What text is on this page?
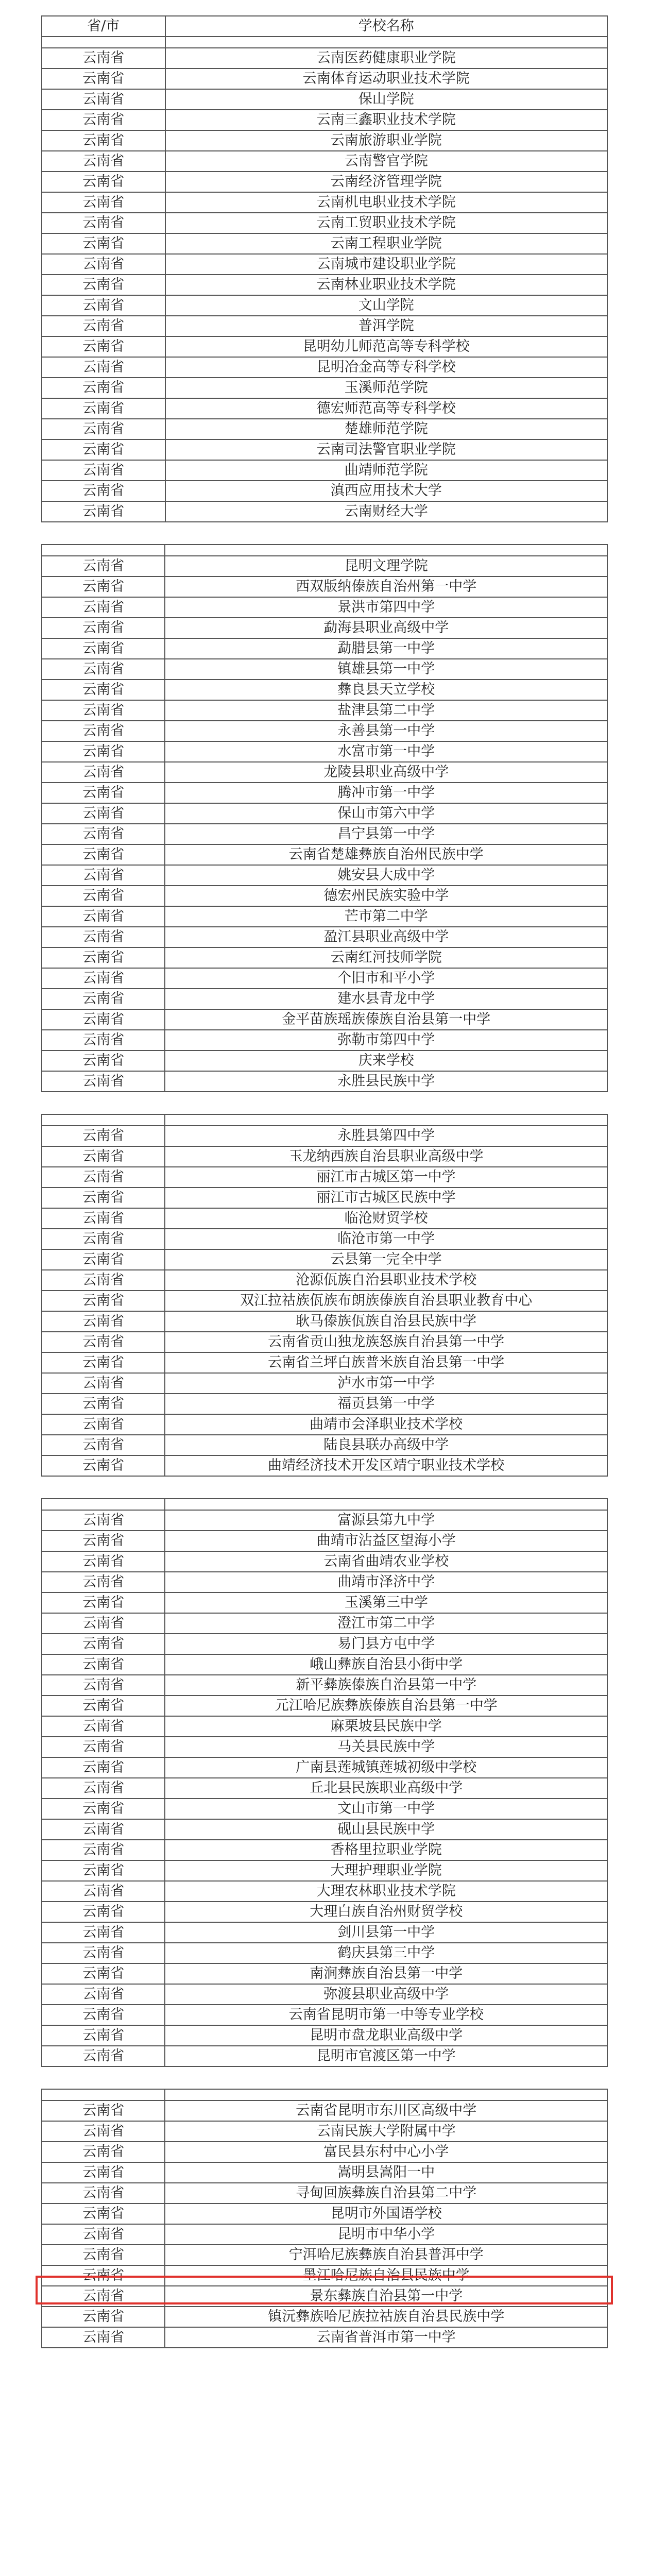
省/市	学校名称

云南省	云南医药健康职业学院
云南省	云南体育运动职业技术学院
云南省	保山学院
云南省	云南三鑫职业技术学院
云南省	云南旅游职业学院
云南省	云南警官学院
云南省	云南经济管理学院
云南省	云南机电职业技术学院
云南省	云南工贸职业技术学院
云南省	云南工程职业学院
云南省	云南城市建设职业学院
云南省	云南林业职业技术学院
云南省	文山学院
云南省	普洱学院
云南省	昆明幼儿师范高等专科学校
云南省	昆明冶金高等专科学校
云南省	玉溪师范学院
云南省	德宏师范高等专科学校
云南省	楚雄师范学院
云南省	云南司法警官职业学院
云南省	曲靖师范学院
云南省	滇西应用技术大学
云南省	云南财经大学

云南省	昆明文理学院
云南省	西双版纳傣族自治州第一中学
云南省	景洪市第四中学
云南省	勐海县职业高级中学
云南省	勐腊县第一中学
云南省	镇雄县第一中学
云南省	彝良县天立学校
云南省	盐津县第二中学
云南省	永善县第一中学
云南省	水富市第一中学
云南省	龙陵县职业高级中学
云南省	腾冲市第一中学
云南省	保山市第六中学
云南省	昌宁县第一中学
云南省	云南省楚雄彝族自治州民族中学
云南省	姚安县大成中学
云南省	德宏州民族实验中学
云南省	芒市第二中学
云南省	盈江县职业高级中学
云南省	云南红河技师学院
云南省	个旧市和平小学
云南省	建水县青龙中学
云南省	金平苗族瑶族傣族自治县第一中学
云南省	弥勒市第四中学
云南省	庆来学校
云南省	永胜县民族中学

云南省	永胜县第四中学
云南省	玉龙纳西族自治县职业高级中学
云南省	丽江市古城区第一中学
云南省	丽江市古城区民族中学
云南省	临沧财贸学校
云南省	临沧市第一中学
云南省	云县第一完全中学
云南省	沧源佤族自治县职业技术学校
云南省	双江拉祜族佤族布朗族傣族自治县职业教育中心
云南省	耿马傣族佤族自治县民族中学
云南省	云南省贡山独龙族怒族自治县第一中学
云南省	云南省兰坪白族普米族自治县第一中学
云南省	泸水市第一中学
云南省	福贡县第一中学
云南省	曲靖市会泽职业技术学校
云南省	陆良县联办高级中学
云南省	曲靖经济技术开发区靖宁职业技术学校

云南省	富源县第九中学
云南省	曲靖市沾益区望海小学
云南省	云南省曲靖农业学校
云南省	曲靖市泽济中学
云南省	玉溪第三中学
云南省	澄江市第二中学
云南省	易门县方屯中学
云南省	峨山彝族自治县小街中学
云南省	新平彝族傣族自治县第一中学
云南省	元江哈尼族彝族傣族自治县第一中学
云南省	麻栗坡县民族中学
云南省	马关县民族中学
云南省	广南县莲城镇莲城初级中学校
云南省	丘北县民族职业高级中学
云南省	文山市第一中学
云南省	砚山县民族中学
云南省	香格里拉职业学院
云南省	大理护理职业学院
云南省	大理农林职业技术学院
云南省	大理白族自治州财贸学校
云南省	剑川县第一中学
云南省	鹤庆县第三中学
云南省	南涧彝族自治县第一中学
云南省	弥渡县职业高级中学
云南省	云南省昆明市第一中等专业学校
云南省	昆明市盘龙职业高级中学
云南省	昆明市官渡区第一中学

云南省	云南省昆明市东川区高级中学
云南省	云南民族大学附属中学
云南省	富民县东村中心小学
云南省	嵩明县嵩阳一中
云南省	寻甸回族彝族自治县第二中学
云南省	昆明市外国语学校
云南省	昆明市中华小学
云南省	宁洱哈尼族彝族自治县普洱中学
云南省	墨江哈尼族自治县民族中学
云南省	景东彝族自治县第一中学
云南省	镇沅彝族哈尼族拉祜族自治县民族中学
云南省	云南省普洱市第一中学
